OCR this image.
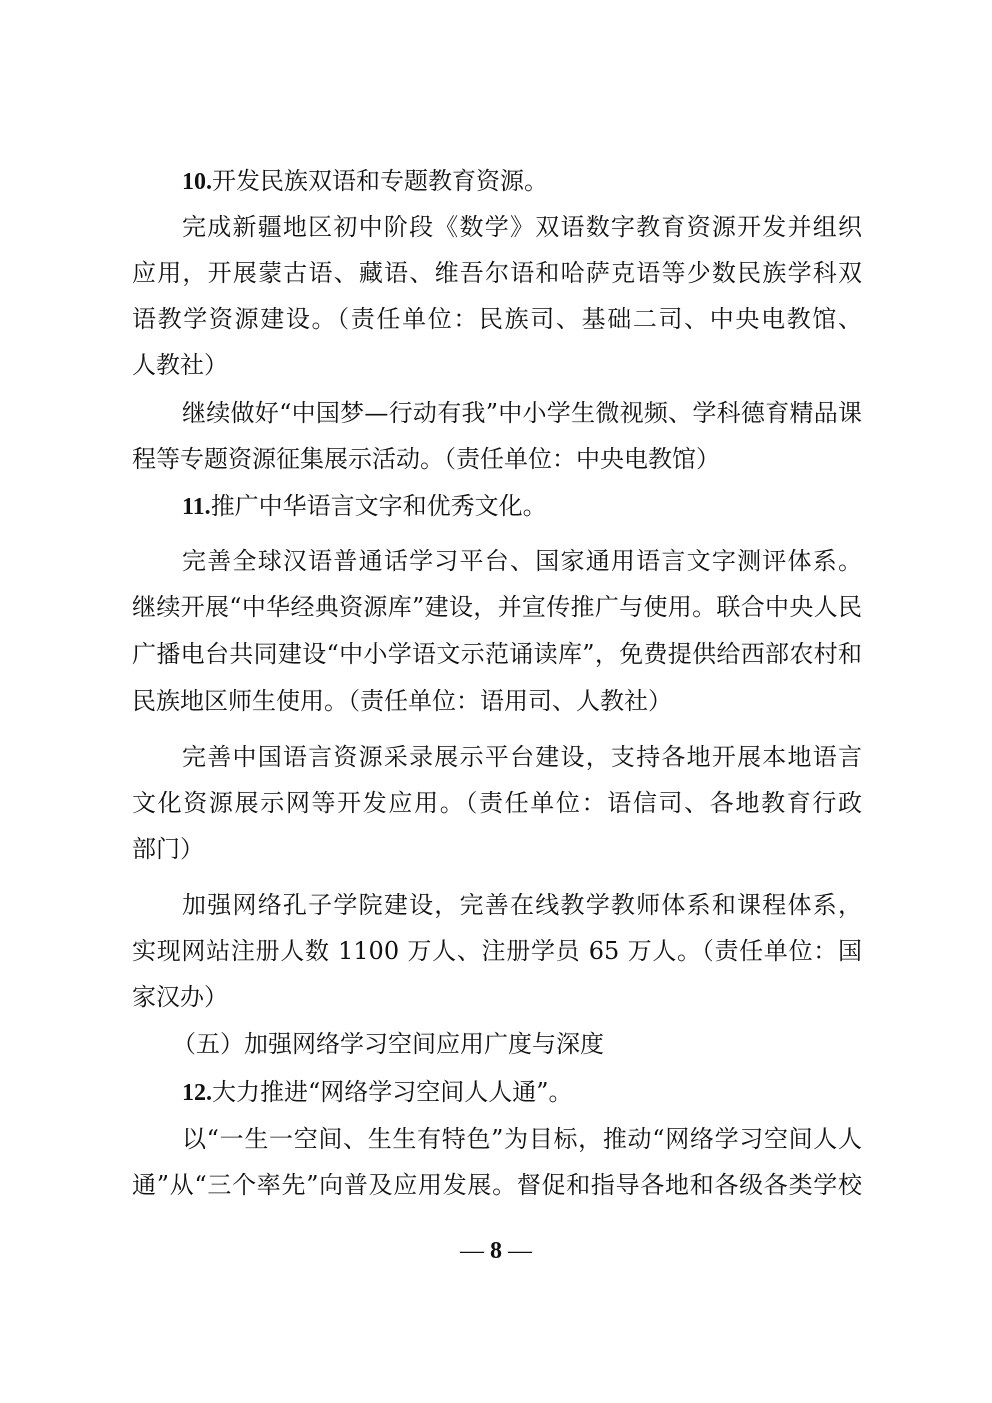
10.开发民族双语和专题教育资源。
完成新疆地区初中阶段《数学》双语数字教育资源开发并组织
应用，开展蒙古语、藏语、维吾尔语和哈萨克语等少数民族学科双
语教学资源建设。（责任单位：民族司、基础二司、中央电教馆、
人教社）
继续做好“中国梦—行动有我”中小学生微视频、学科德育精品课
程等专题资源征集展示活动。（责任单位：中央电教馆）
11.推广中华语言文字和优秀文化。
完善全球汉语普通话学习平台、国家通用语言文字测评体系。
继续开展“中华经典资源库”建设，并宣传推广与使用。联合中央人民
广播电台共同建设“中小学语文示范诵读库”，免费提供给西部农村和
民族地区师生使用。（责任单位：语用司、人教社）
完善中国语言资源采录展示平台建设，支持各地开展本地语言
文化资源展示网等开发应用。（责任单位：语信司、各地教育行政
部门）
加强网络孔子学院建设，完善在线教学教师体系和课程体系，
实现网站注册人数 1100 万人、注册学员 65 万人。（责任单位：国
家汉办）
（五）加强网络学习空间应用广度与深度
12.大力推进“网络学习空间人人通”。
以“一生一空间、生生有特色”为目标，推动“网络学习空间人人
通”从“三个率先”向普及应用发展。督促和指导各地和各级各类学校
— 8 —
